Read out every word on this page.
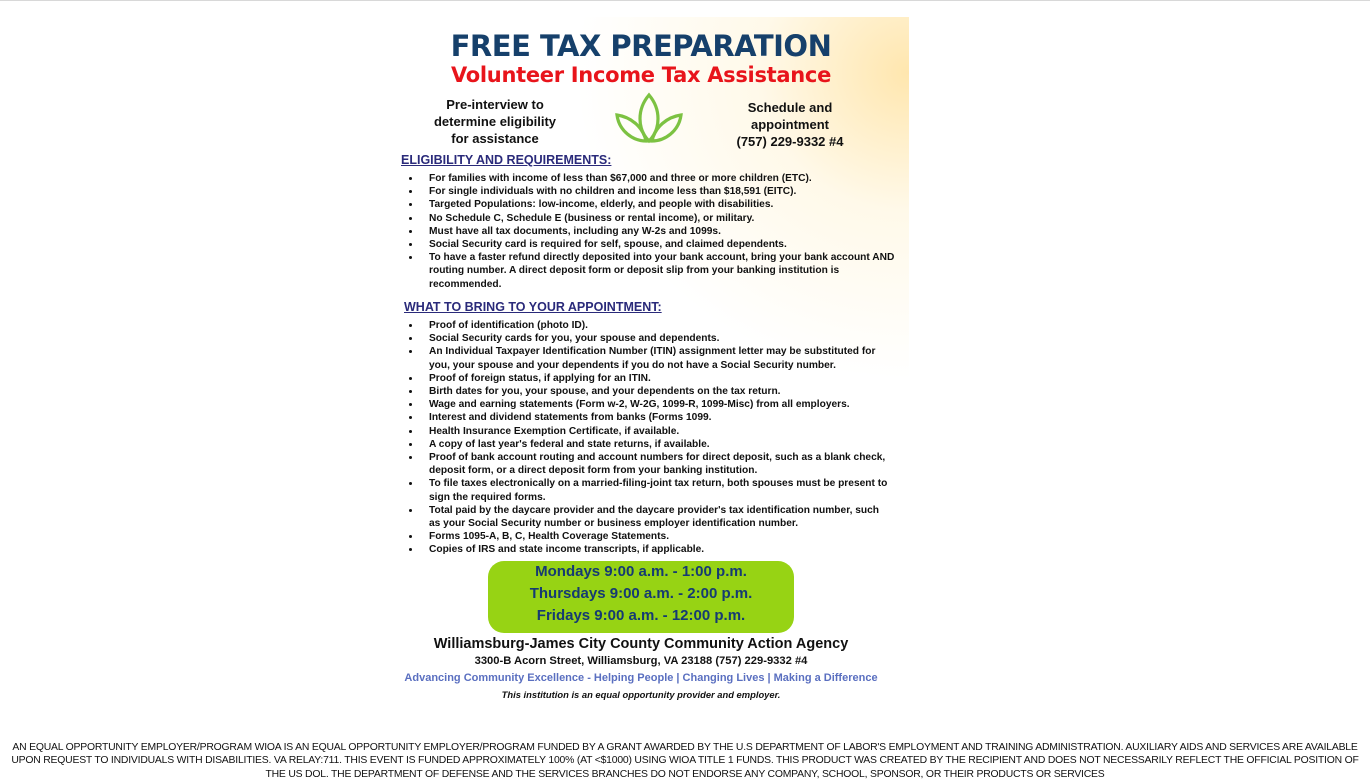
FREE TAX PREPARATION
Volunteer Income Tax Assistance
Pre-interview to
determine eligibility
for assistance
Schedule and
appointment
(757) 229-9332 #4
ELIGIBILITY AND REQUIREMENTS:
• For families with income of less than $67,000 and three or more children (ETC).
• For single individuals with no children and income less than $18,591 (EITC).
• Targeted Populations: low-income, elderly, and people with disabilities.
• No Schedule C, Schedule E (business or rental income), or military.
• Must have all tax documents, including any W-2s and 1099s.
• Social Security card is required for self, spouse, and claimed dependents.
• To have a faster refund directly deposited into your bank account, bring your bank account AND routing number. A direct deposit form or deposit slip from your banking institution is recommended.
WHAT TO BRING TO YOUR APPOINTMENT:
• Proof of identification (photo ID).
• Social Security cards for you, your spouse and dependents.
• An Individual Taxpayer Identification Number (ITIN) assignment letter may be substituted for you, your spouse and your dependents if you do not have a Social Security number.
• Proof of foreign status, if applying for an ITIN.
• Birth dates for you, your spouse, and your dependents on the tax return.
• Wage and earning statements (Form w-2, W-2G, 1099-R, 1099-Misc) from all employers.
• Interest and dividend statements from banks (Forms 1099.
• Health Insurance Exemption Certificate, if available.
• A copy of last year's federal and state returns, if available.
• Proof of bank account routing and account numbers for direct deposit, such as a blank check, deposit form, or a direct deposit form from your banking institution.
• To file taxes electronically on a married-filing-joint tax return, both spouses must be present to sign the required forms.
• Total paid by the daycare provider and the daycare provider's tax identification number, such as your Social Security number or business employer identification number.
• Forms 1095-A, B, C, Health Coverage Statements.
• Copies of IRS and state income transcripts, if applicable.
Mondays 9:00 a.m. - 1:00 p.m.
Thursdays 9:00 a.m. - 2:00 p.m.
Fridays 9:00 a.m. - 12:00 p.m.
Williamsburg-James City County Community Action Agency
3300-B Acorn Street, Williamsburg, VA 23188 (757) 229-9332 #4
Advancing Community Excellence - Helping People | Changing Lives | Making a Difference
This institution is an equal opportunity provider and employer.
AN EQUAL OPPORTUNITY EMPLOYER/PROGRAM WIOA IS AN EQUAL OPPORTUNITY EMPLOYER/PROGRAM FUNDED BY A GRANT AWARDED BY THE U.S DEPARTMENT OF LABOR'S EMPLOYMENT AND TRAINING ADMINISTRATION. AUXILIARY AIDS AND SERVICES ARE AVAILABLE UPON REQUEST TO INDIVIDUALS WITH DISABILITIES. VA RELAY:711. THIS EVENT IS FUNDED APPROXIMATELY 100% (AT <$1000) USING WIOA TITLE 1 FUNDS. THIS PRODUCT WAS CREATED BY THE RECIPIENT AND DOES NOT NECESSARILY REFLECT THE OFFICIAL POSITION OF THE US DOL. THE DEPARTMENT OF DEFENSE AND THE SERVICES BRANCHES DO NOT ENDORSE ANY COMPANY, SCHOOL, SPONSOR, OR THEIR PRODUCTS OR SERVICES
